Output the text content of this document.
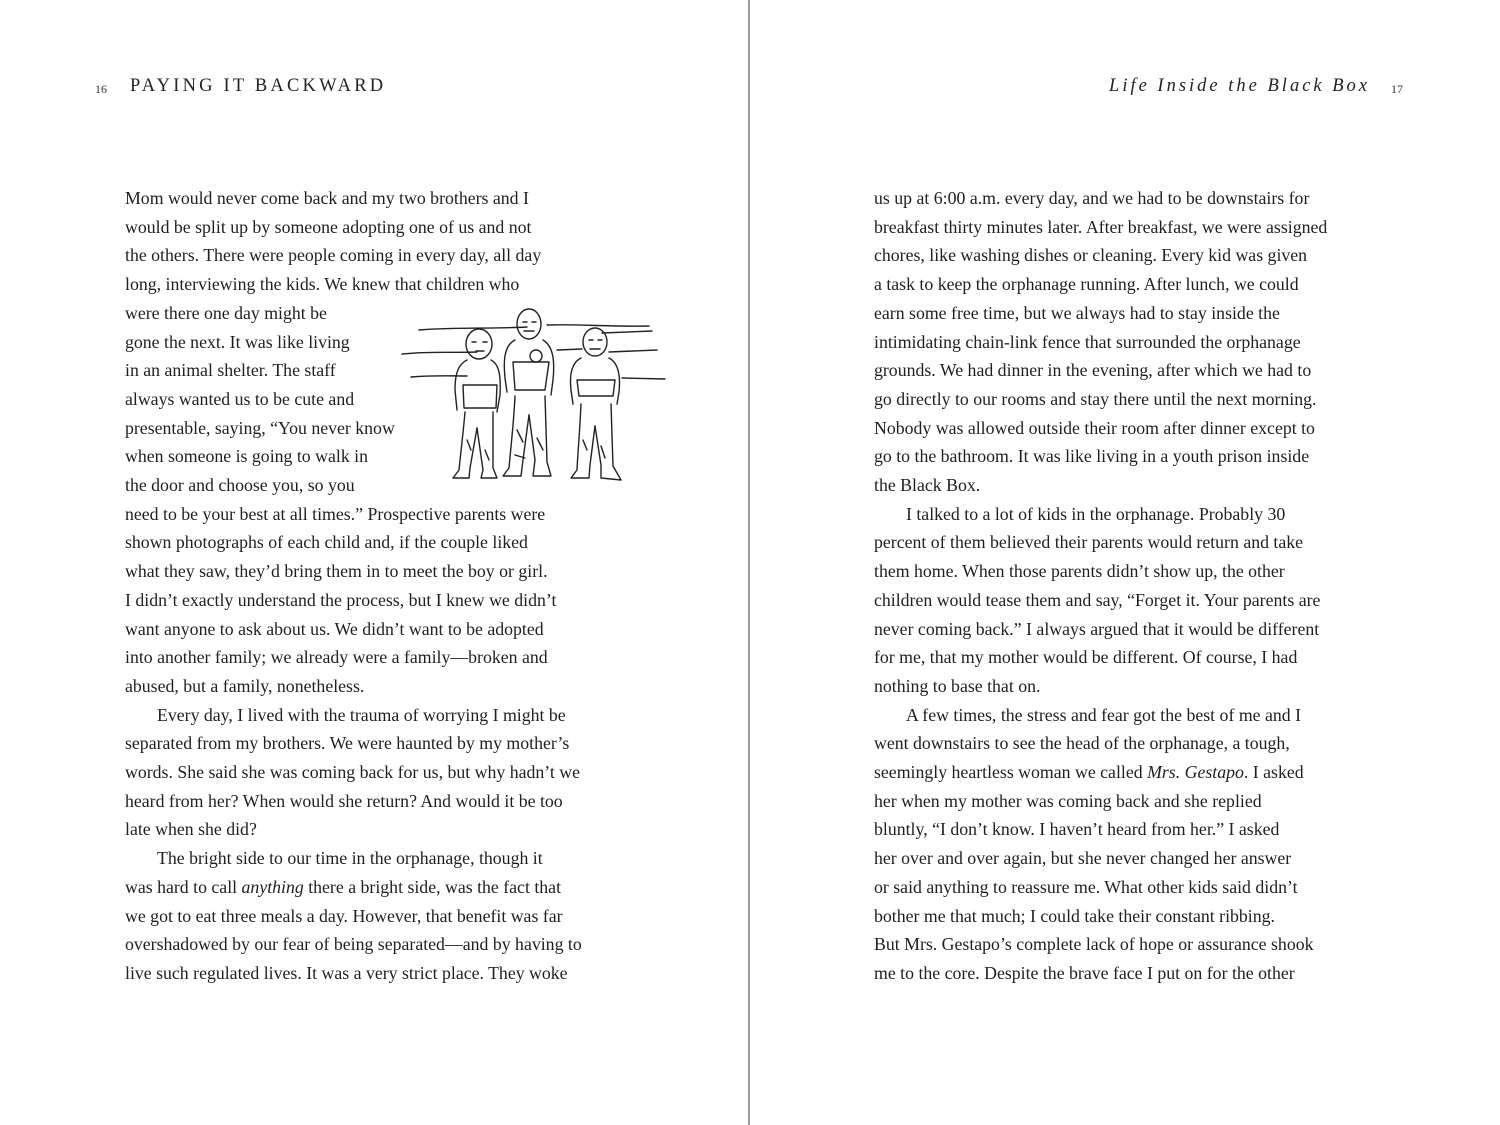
16 PAYING IT BACKWARD
Mom would never come back and my two brothers and I
would be split up by someone adopting one of us and not
the others. There were people coming in every day, all day
long, interviewing the kids. We knew that children who
were there one day might be
gone the next. It was like living
in an animal shelter. The staff
always wanted us to be cute and
presentable, saying, “You never know
when someone is going to walk in
the door and choose you, so you
need to be your best at all times.” Prospective parents were
shown photographs of each child and, if the couple liked
what they saw, they’d bring them in to meet the boy or girl.
I didn’t exactly understand the process, but I knew we didn’t
want anyone to ask about us. We didn’t want to be adopted
into another family; we already were a family—broken and
abused, but a family, nonetheless.
Every day, I lived with the trauma of worrying I might be
separated from my brothers. We were haunted by my mother’s
words. She said she was coming back for us, but why hadn’t we
heard from her? When would she return? And would it be too
late when she did?
The bright side to our time in the orphanage, though it
was hard to call anything there a bright side, was the fact that
we got to eat three meals a day. However, that benefit was far
overshadowed by our fear of being separated—and by having to
live such regulated lives. It was a very strict place. They woke
Life Inside the Black Box 17
us up at 6:00 a.m. every day, and we had to be downstairs for
breakfast thirty minutes later. After breakfast, we were assigned
chores, like washing dishes or cleaning. Every kid was given
a task to keep the orphanage running. After lunch, we could
earn some free time, but we always had to stay inside the
intimidating chain-link fence that surrounded the orphanage
grounds. We had dinner in the evening, after which we had to
go directly to our rooms and stay there until the next morning.
Nobody was allowed outside their room after dinner except to
go to the bathroom. It was like living in a youth prison inside
the Black Box.
I talked to a lot of kids in the orphanage. Probably 30
percent of them believed their parents would return and take
them home. When those parents didn’t show up, the other
children would tease them and say, “Forget it. Your parents are
never coming back.” I always argued that it would be different
for me, that my mother would be different. Of course, I had
nothing to base that on.
A few times, the stress and fear got the best of me and I
went downstairs to see the head of the orphanage, a tough,
seemingly heartless woman we called Mrs. Gestapo. I asked
her when my mother was coming back and she replied
bluntly, “I don’t know. I haven’t heard from her.” I asked
her over and over again, but she never changed her answer
or said anything to reassure me. What other kids said didn’t
bother me that much; I could take their constant ribbing.
But Mrs. Gestapo’s complete lack of hope or assurance shook
me to the core. Despite the brave face I put on for the other
